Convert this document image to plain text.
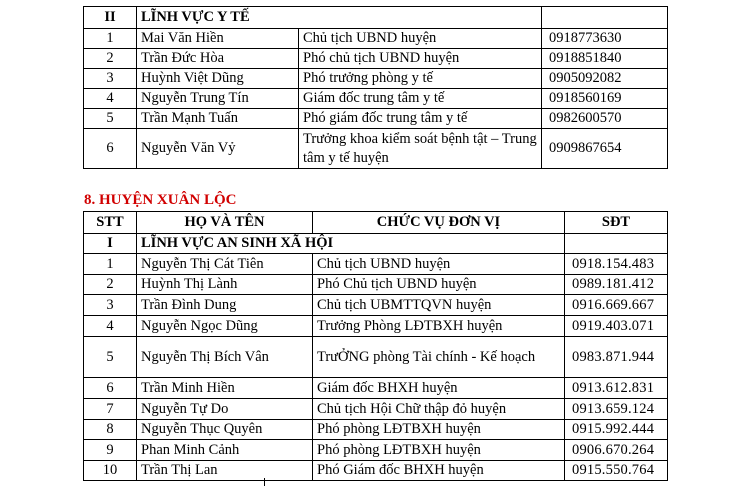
II	LĨNH VỰC Y TẾ		
1	Mai Văn Hiền	Chủ tịch UBND huyện	0918773630
2	Trần Đức Hòa	Phó chủ tịch UBND huyện	0918851840
3	Huỳnh Việt Dũng	Phó trưởng phòng y tế	0905092082
4	Nguyễn Trung Tín	Giám đốc trung tâm y tế	0918560169
5	Trần Mạnh Tuấn	Phó giám đốc trung tâm y tế	0982600570
6	Nguyễn Văn Vỷ	Trưởng khoa kiểm soát bệnh tật – Trung tâm y tế huyện	0909867654
8. HUYỆN XUÂN LỘC
STT	HỌ VÀ TÊN	CHỨC VỤ ĐƠN VỊ	SĐT
I	LĨNH VỰC AN SINH XÃ HỘI		
1	Nguyễn Thị Cát Tiên	Chủ tịch UBND huyện	0918.154.483
2	Huỳnh Thị Lành	Phó Chủ tịch UBND huyện	0989.181.412
3	Trần Đình Dung	Chủ tịch UBMTTQVN huyện	0916.669.667
4	Nguyễn Ngọc Dũng	Trưởng Phòng LĐTBXH huyện	0919.403.071
5	Nguyễn Thị Bích Vân	TrưỞNG phòng Tài chính - Kế hoạch	0983.871.944
6	Trần Minh Hiền	Giám đốc BHXH huyện	0913.612.831
7	Nguyễn Tự Do	Chủ tịch Hội Chữ thập đỏ huyện	0913.659.124
8	Nguyễn Thục Quyên	Phó phòng LĐTBXH huyện	0915.992.444
9	Phan Minh Cảnh	Phó phòng LĐTBXH huyện	0906.670.264
10	Trần Thị Lan	Phó Giám đốc BHXH huyện	0915.550.764
